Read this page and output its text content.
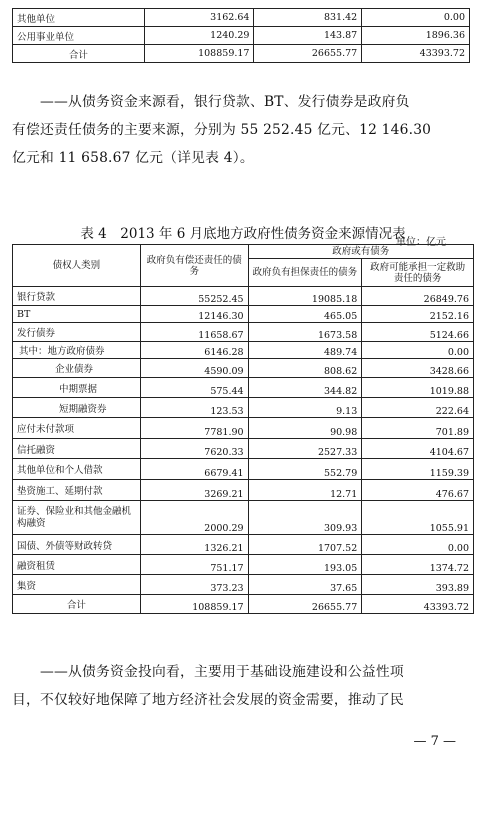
其他单位	3162.64	831.42	0.00
公用事业单位	1240.29	143.87	1896.36
合计	108859.17	26655.77	43393.72
——从债务资金来源看，银行贷款、BT、发行债券是政府负
有偿还责任债务的主要来源，分别为 55 252.45 亿元、12 146.30
亿元和 11 658.67 亿元（详见表 4）。
表 4　2013 年 6 月底地方政府性债务资金来源情况表
单位：亿元
债权人类别	政府负有偿还责任的债务	政府或有债务	
		政府负有担保责任的债务	政府可能承担一定救助责任的债务
银行贷款	55252.45	19085.18	26849.76
BT	12146.30	465.05	2152.16
发行债券	11658.67	1673.58	5124.66
其中：地方政府债券	6146.28	489.74	0.00
企业债券	4590.09	808.62	3428.66
中期票据	575.44	344.82	1019.88
短期融资券	123.53	9.13	222.64
应付未付款项	7781.90	90.98	701.89
信托融资	7620.33	2527.33	4104.67
其他单位和个人借款	6679.41	552.79	1159.39
垫资施工、延期付款	3269.21	12.71	476.67
证券、保险业和其他金融机构融资	2000.29	309.93	1055.91
国债、外债等财政转贷	1326.21	1707.52	0.00
融资租赁	751.17	193.05	1374.72
集资	373.23	37.65	393.89
合计	108859.17	26655.77	43393.72
——从债务资金投向看，主要用于基础设施建设和公益性项
目，不仅较好地保障了地方经济社会发展的资金需要，推动了民
— 7 —
